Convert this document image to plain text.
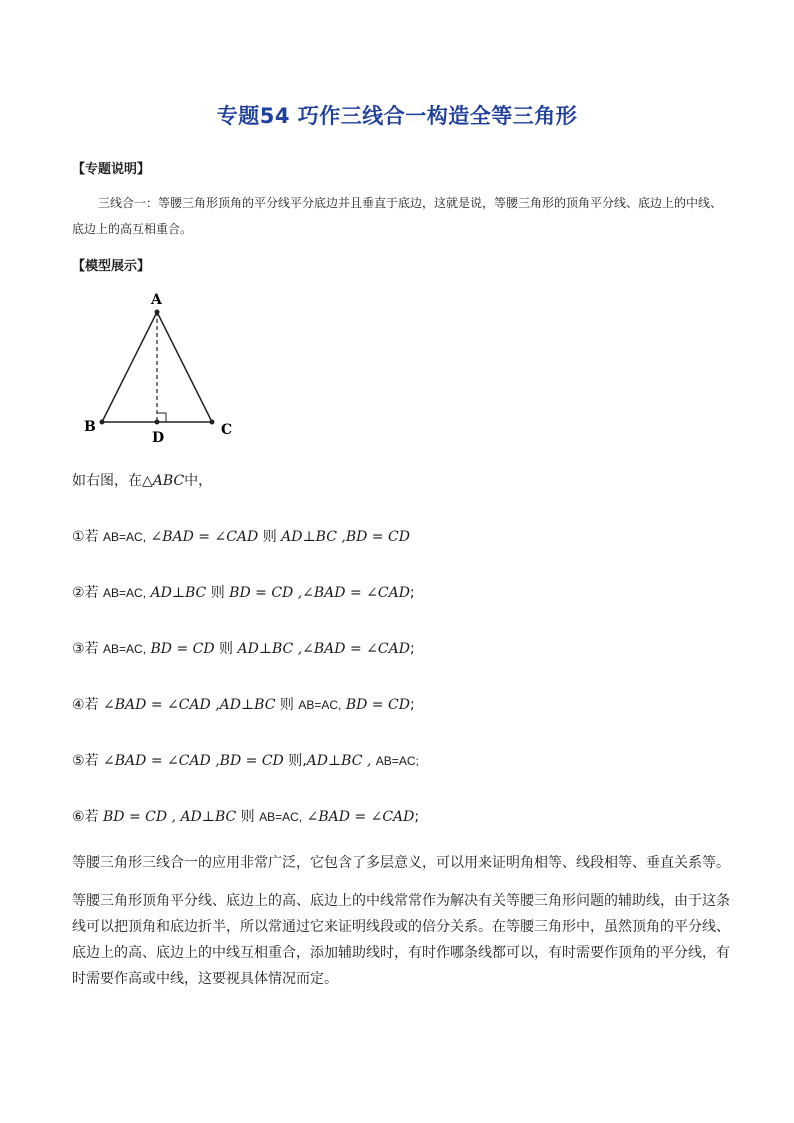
专题54 巧作三线合一构造全等三角形
【专题说明】
三线合一：等腰三角形顶角的平分线平分底边并且垂直于底边，这就是说，等腰三角形的顶角平分线、底边上的中线、底边上的高互相重合。
【模型展示】
A
B	C
D
如右图，在△ABC中，
①若 AB=AC, ∠BAD = ∠CAD 则 AD⊥BC ,BD = CD
②若 AB=AC, AD⊥BC 则 BD = CD ,∠BAD = ∠CAD;
③若 AB=AC, BD = CD 则 AD⊥BC ,∠BAD = ∠CAD;
④若 ∠BAD = ∠CAD ,AD⊥BC 则 AB=AC, BD = CD;
⑤若 ∠BAD = ∠CAD ,BD = CD 则,AD⊥BC , AB=AC;
⑥若 BD = CD , AD⊥BC 则 AB=AC, ∠BAD = ∠CAD;
等腰三角形三线合一的应用非常广泛，它包含了多层意义，可以用来证明角相等、线段相等、垂直关系等。
等腰三角形顶角平分线、底边上的高、底边上的中线常常作为解决有关等腰三角形问题的辅助线，由于这条线可以把顶角和底边折半，所以常通过它来证明线段或的倍分关系。在等腰三角形中，虽然顶角的平分线、底边上的高、底边上的中线互相重合，添加辅助线时，有时作哪条线都可以，有时需要作顶角的平分线，有时需要作高或中线，这要视具体情况而定。
